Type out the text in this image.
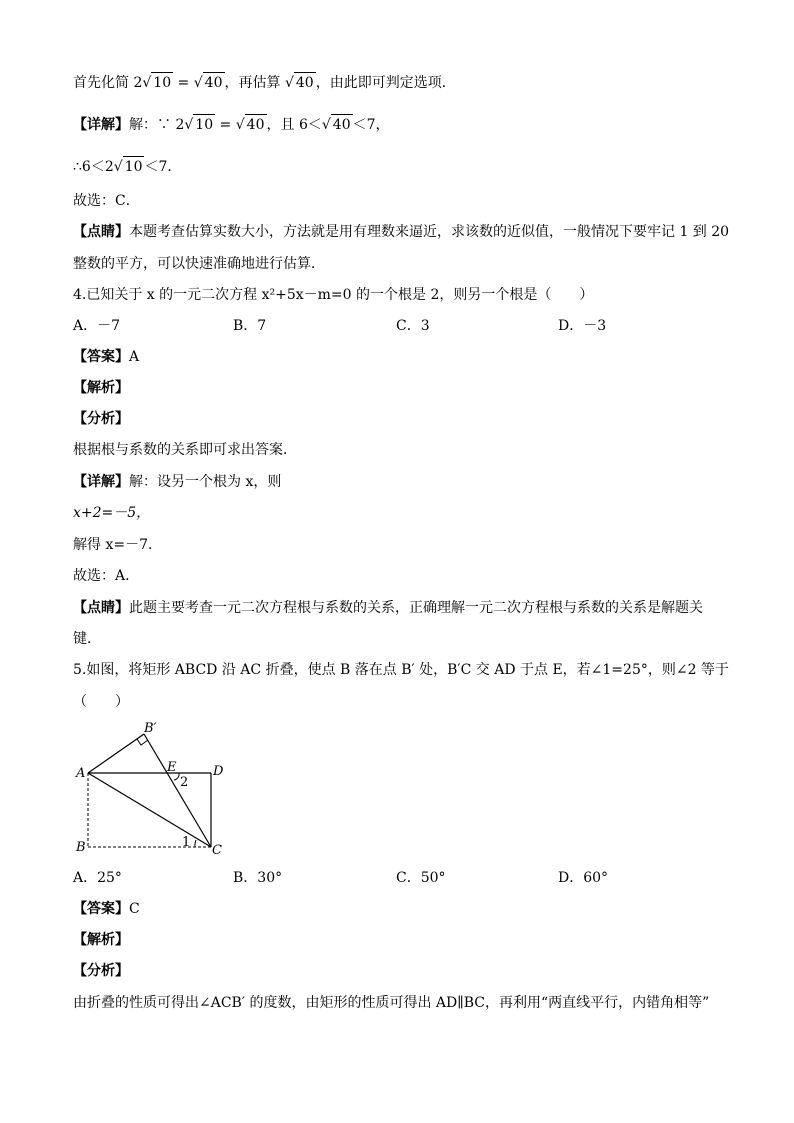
首先化简 2√ 10 = √ 40 ，再估算 √ 40 ，由此即可判定选项．
【详解】解：∵ 2√ 10 = √ 40 ，且 6＜√ 40 ＜7，
∴6＜2√ 10 ＜7．
故选：C．
【点睛】本题考查估算实数大小，方法就是用有理数来逼近，求该数的近似值，一般情况下要牢记 1 到 20
整数的平方，可以快速准确地进行估算．
4.已知关于 x 的一元二次方程 x²+5x－m=0 的一个根是 2，则另一个根是（　　）
A．－7	B．7	C．3	D．－3
【答案】A
【解析】
【分析】
根据根与系数的关系即可求出答案．
【详解】解：设另一个根为 x，则
x+2=－5，
解得 x=－7．
故选：A．
【点睛】此题主要考查一元二次方程根与系数的关系，正确理解一元二次方程根与系数的关系是解题关
键．
5.如图，将矩形 ABCD 沿 AC 折叠，使点 B 落在点 B′ 处，B′C 交 AD 于点 E，若∠1=25°，则∠2 等于
（　　）
A
B	C
D
E
B′
1
2
A．25°	B．30°	C．50°	D．60°
【答案】C
【解析】
【分析】
由折叠的性质可得出∠ACB′ 的度数，由矩形的性质可得出 AD∥BC，再利用“两直线平行，内错角相等”
